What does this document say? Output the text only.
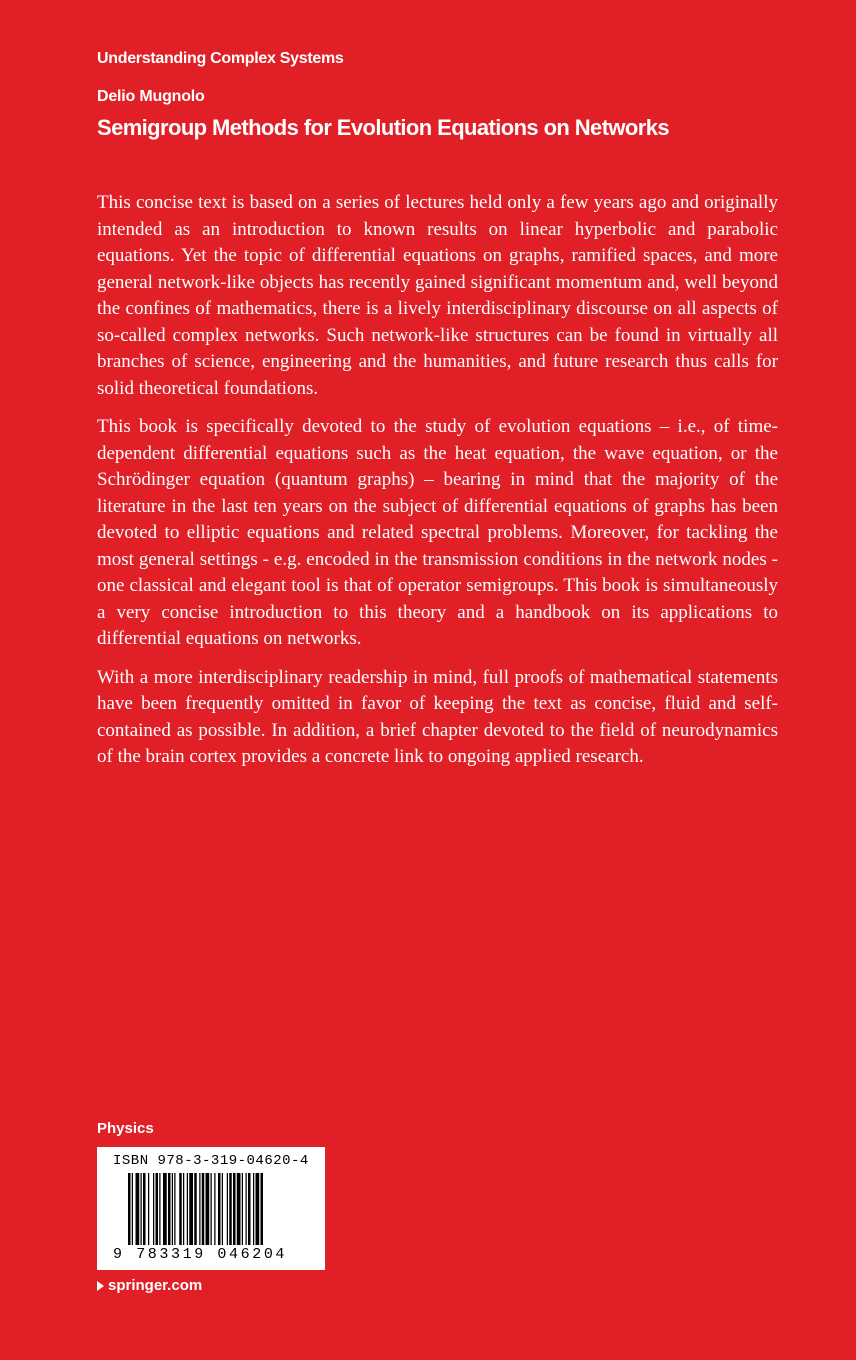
Understanding Complex Systems
Delio Mugnolo
Semigroup Methods for Evolution Equations on Networks

This concise text is based on a series of lectures held only a few years ago and originally intended as an introduction to known results on linear hyperbolic and parabolic equations. Yet the topic of differential equations on graphs, ramified spaces, and more general network-like objects has recently gained significant momentum and, well beyond the confines of mathematics, there is a lively interdisciplinary discourse on all aspects of so-called complex networks. Such network-like structures can be found in virtually all branches of science, engineering and the humanities, and future research thus calls for solid theoretical foundations.

This book is specifically devoted to the study of evolution equations – i.e., of time-dependent differential equations such as the heat equation, the wave equation, or the Schrödinger equation (quantum graphs) – bearing in mind that the majority of the literature in the last ten years on the subject of differential equations of graphs has been devoted to elliptic equations and related spectral problems. Moreover, for tackling the most general settings - e.g. encoded in the transmission conditions in the network nodes - one classical and elegant tool is that of operator semigroups. This book is simultaneously a very concise introduction to this theory and a handbook on its applications to differential equations on networks.

With a more interdisciplinary readership in mind, full proofs of mathematical statements have been frequently omitted in favor of keeping the text as concise, fluid and self-contained as possible. In addition, a brief chapter devoted to the field of neurodynamics of the brain cortex provides a concrete link to ongoing applied research.

Physics
ISBN 978-3-319-04620-4
9 783319 046204
springer.com
